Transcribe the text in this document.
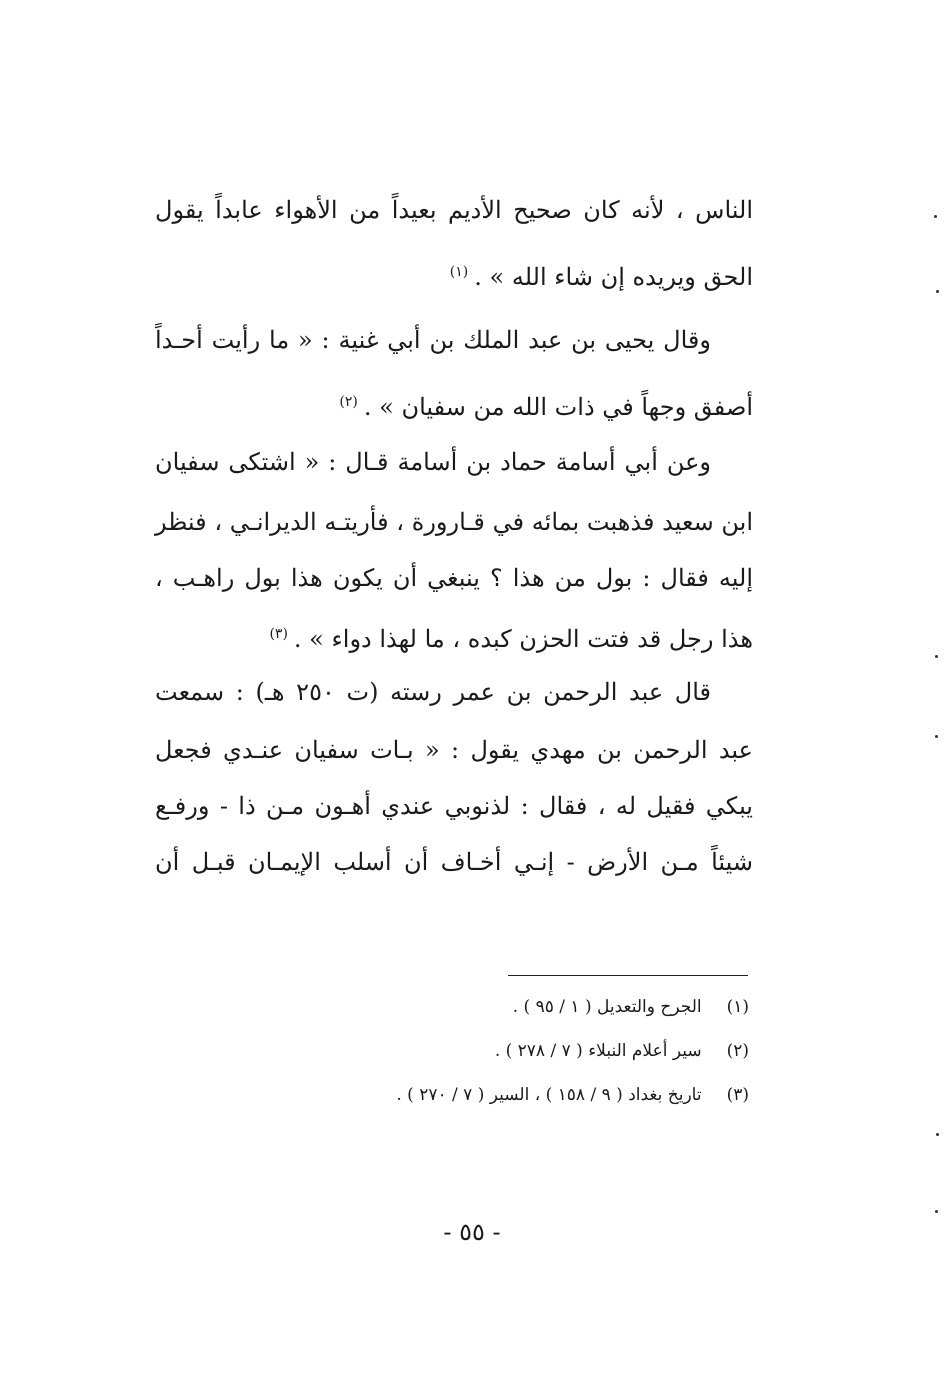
الناس ، لأنه كان صحيح الأديم بعيداً من الأهواء عابداً يقول
الحق ويريده إن شاء الله » .$^{(١)}$
وقال يحيى بن عبد الملك بن أبي غنية : « ما رأيت أحـداً
أصفق وجهاً في ذات الله من سفيان » .$^{(٢)}$
وعن أبي أسامة حماد بن أسامة قـال : « اشتكى سفيان
ابن سعيد فذهبت بمائه في قـارورة ، فأريتـه الديرانـي ، فنظر
إليه فقال : بول من هذا ؟ ينبغي أن يكون هذا بول راهـب ،
هذا رجل قد فتت الحزن كبده ، ما لهذا دواء » .$^{(٣)}$
قال عبد الرحمن بن عمر رسته (ت ٢٥٠ هـ) : سمعت
عبد الرحمن بن مهدي يقول : « بـات سفيان عنـدي فجعل
يبكي فقيل له ، فقال : لذنوبي عندي أهـون مـن ذا - ورفـع
شيئاً مـن الأرض - إنـي أخـاف أن أسلب الإيمـان قبـل أن
(١) الجرح والتعديل ( ١ / ٩٥ ) .
(٢) سير أعلام النبلاء ( ٧ / ٢٧٨ ) .
(٣) تاريخ بغداد ( ٩ / ١٥٨ ) ، السير ( ٧ / ٢٧٠ ) .
- ٥٥ -
